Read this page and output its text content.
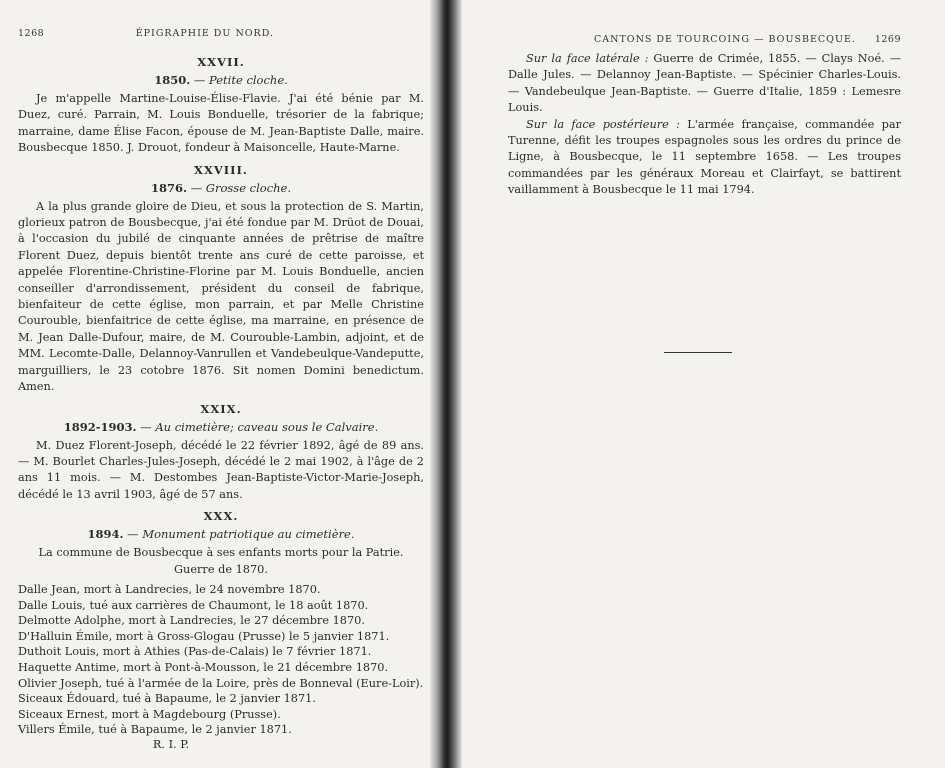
1268	ÉPIGRAPHIE DU NORD.
XXVII.
1850. — Petite cloche.

Je m'appelle Martine-Louise-Élise-Flavie. J'ai été bénie par M. Duez, curé. Parrain, M. Louis Bonduelle, trésorier de la fabrique; marraine, dame Élise Facon, épouse de M. Jean-Baptiste Dalle, maire. Bousbecque 1850. J. Drouot, fondeur à Maisoncelle, Haute-Marne.

XXVIII.
1876. — Grosse cloche.

A la plus grande gloire de Dieu, et sous la protection de S. Martin, glorieux patron de Bousbecque, j'ai été fondue par M. Drüot de Douai, à l'occasion du jubilé de cinquante années de prêtrise de maître Florent Duez, depuis bientôt trente ans curé de cette paroisse, et appelée Florentine-Christine-Florine par M. Louis Bonduelle, ancien conseiller d'arrondissement, président du conseil de fabrique, bienfaiteur de cette église, mon parrain, et par Melle Christine Courouble, bienfaitrice de cette église, ma marraine, en présence de M. Jean Dalle-Dufour, maire, de M. Courouble-Lambin, adjoint, et de MM. Lecomte-Dalle, Delannoy-Vanrullen et Vandebeulque-Vandeputte, marguilliers, le 23 cotobre 1876. Sit nomen Domini benedictum. Amen.

XXIX.
1892-1903. — Au cimetière; caveau sous le Calvaire.

M. Duez Florent-Joseph, décédé le 22 février 1892, âgé de 89 ans. — M. Bourlet Charles-Jules-Joseph, décédé le 2 mai 1902, à l'âge de 2 ans 11 mois. — M. Destombes Jean-Baptiste-Victor-Marie-Joseph, décédé le 13 avril 1903, âgé de 57 ans.

XXX.
1894. — Monument patriotique au cimetière.

La commune de Bousbecque à ses enfants morts pour la Patrie. Guerre de 1870.

Dalle Jean, mort à Landrecies, le 24 novembre 1870.
Dalle Louis, tué aux carrières de Chaumont, le 18 août 1870.
Delmotte Adolphe, mort à Landrecies, le 27 décembre 1870.
D'Halluin Émile, mort à Gross-Glogau (Prusse) le 5 janvier 1871.
Duthoit Louis, mort à Athies (Pas-de-Calais) le 7 février 1871.
Haquette Antime, mort à Pont-à-Mousson, le 21 décembre 1870.
Olivier Joseph, tué à l'armée de la Loire, près de Bonneval (Eure-Loir).
Siceaux Édouard, tué à Bapaume, le 2 janvier 1871.
Siceaux Ernest, mort à Magdebourg (Prusse).
Villers Émile, tué à Bapaume, le 2 janvier 1871.
R. I. P.
CANTONS DE TOURCOING — BOUSBECQUE. 1269

Sur la face latérale : Guerre de Crimée, 1855. — Clays Noé. — Dalle Jules. — Delannoy Jean-Baptiste. — Spécinier Charles-Louis. — Vandebeulque Jean-Baptiste. — Guerre d'Italie, 1859 : Lemesre Louis.

Sur la face postérieure : L'armée française, commandée par Turenne, défit les troupes espagnoles sous les ordres du prince de Ligne, à Bousbecque, le 11 septembre 1658. — Les troupes commandées par les généraux Moreau et Clairfayt, se battirent vaillamment à Bousbecque le 11 mai 1794.
